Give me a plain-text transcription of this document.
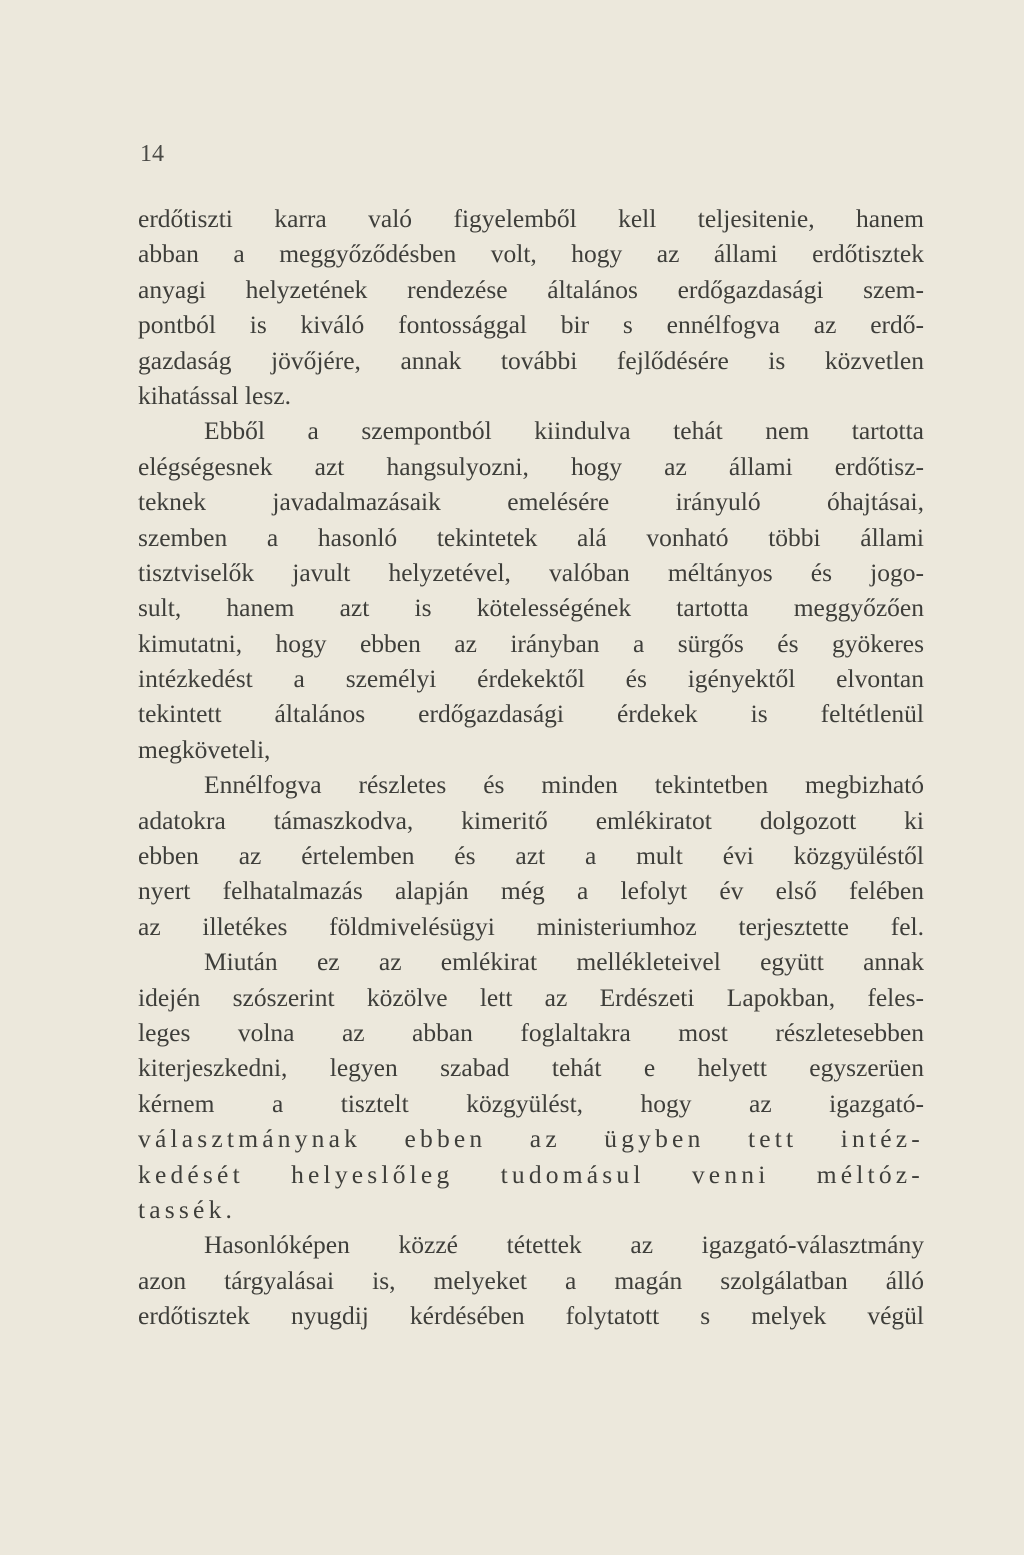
14
erdőtiszti karra való figyelemből kell teljesitenie, hanem
abban a meggyőződésben volt, hogy az állami erdőtisztek
anyagi helyzetének rendezése általános erdőgazdasági szem-
pontból is kiváló fontossággal bir s ennélfogva az erdő-
gazdaság jövőjére, annak további fejlődésére is közvetlen
kihatással lesz.
Ebből a szempontból kiindulva tehát nem tartotta
elégségesnek azt hangsulyozni, hogy az állami erdőtisz-
teknek javadalmazásaik emelésére irányuló óhajtásai,
szemben a hasonló tekintetek alá vonható többi állami
tisztviselők javult helyzetével, valóban méltányos és jogo-
sult, hanem azt is kötelességének tartotta meggyőzően
kimutatni, hogy ebben az irányban a sürgős és gyökeres
intézkedést a személyi érdekektől és igényektől elvontan
tekintett általános erdőgazdasági érdekek is feltétlenül
megköveteli,
Ennélfogva részletes és minden tekintetben megbizható
adatokra támaszkodva, kimeritő emlékiratot dolgozott ki
ebben az értelemben és azt a mult évi közgyüléstől
nyert felhatalmazás alapján még a lefolyt év első felében
az illetékes földmivelésügyi ministeriumhoz terjesztette fel.
Miután ez az emlékirat mellékleteivel együtt annak
idején szószerint közölve lett az Erdészeti Lapokban, feles-
leges volna az abban foglaltakra most részletesebben
kiterjeszkedni, legyen szabad tehát e helyett egyszerüen
kérnem a tisztelt közgyülést, hogy az igazgató-
választmánynak ebben az ügyben tett intéz-
kedését helyeslőleg tudomásul venni méltóz-
tassék.
Hasonlóképen közzé tétettek az igazgató-választmány
azon tárgyalásai is, melyeket a magán szolgálatban álló
erdőtisztek nyugdij kérdésében folytatott s melyek végül
